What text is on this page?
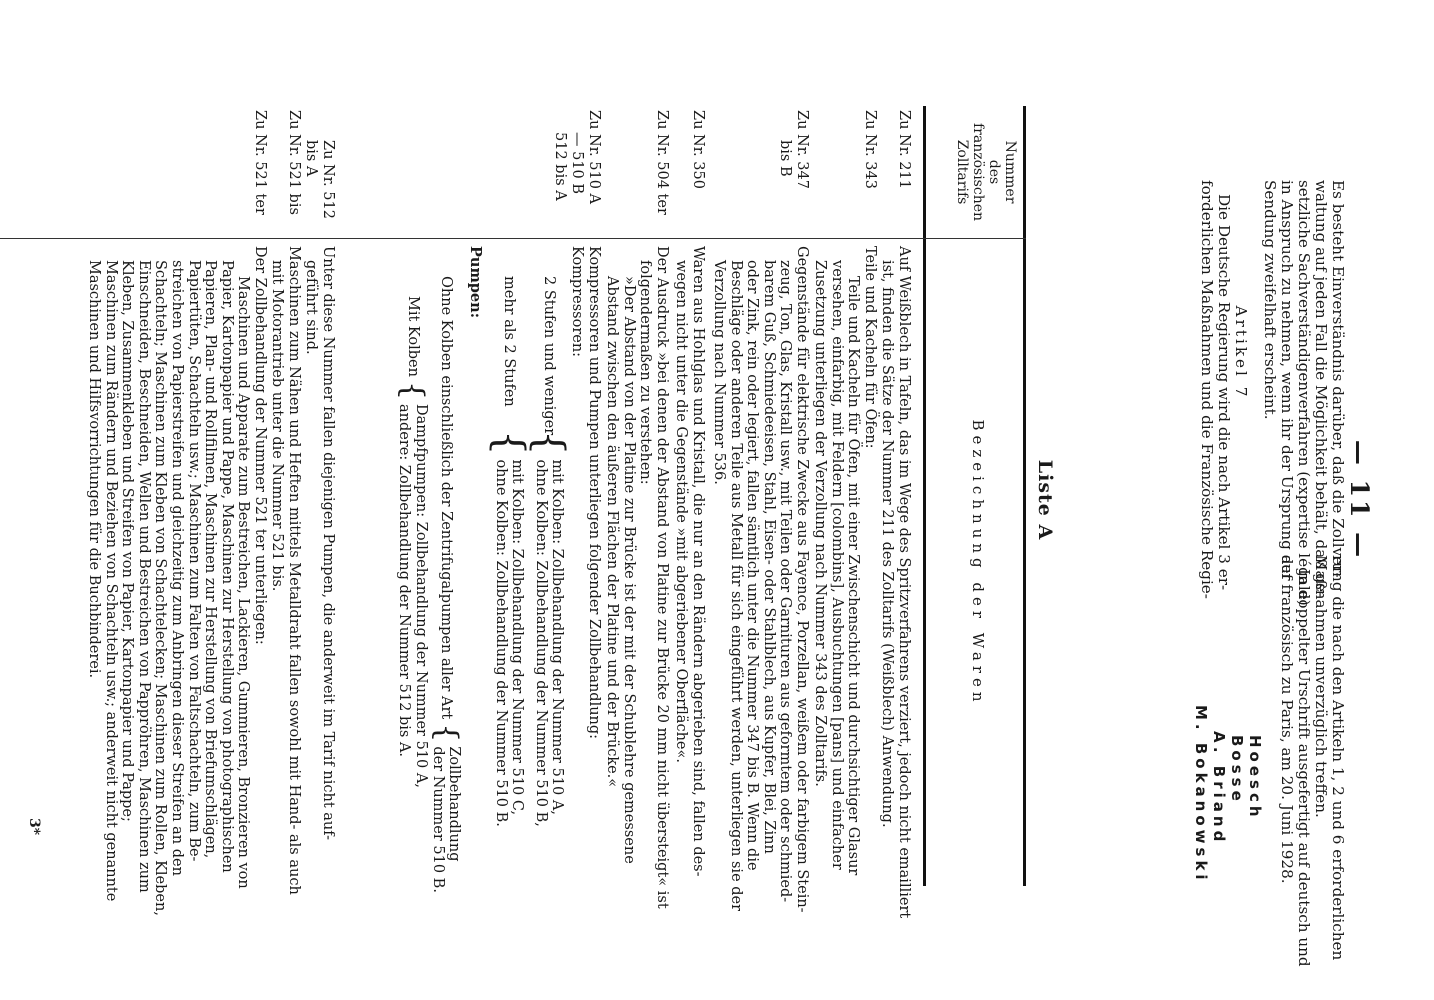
— 11 —
Es besteht Einverständnis darüber, daß die Zollver-
waltung auf jeden Fall die Möglichkeit behält, daß ge-
setzliche Sachverständigenverfahren (expertise légale)
in Anspruch zu nehmen, wenn ihr der Ursprung der
Sendung zweifelhaft erscheint.
Artikel 7
Die Deutsche Regierung wird die nach Artikel 3 er-
forderlichen Maßnahmen und die Französische Regie-
rung die nach den Artikeln 1, 2 und 6 erforderlichen
Maßnahmen unverzüglich treffen.
In doppelter Urschrift ausgefertigt auf deutsch und
auf französisch zu Paris, am 20. Juni 1928.
Hoesch
Bosse
A. Briand
M. Bokanowski
Liste A
Nummer
des
französischen
Zolltarifs
Bezeichnung der Waren
Zu Nr. 211
Auf Weißblech in Tafeln, das im Wege des Spritzverfahrens verziert, jedoch nicht emailliert
ist, finden die Sätze der Nummer 211 des Zolltarifs (Weißblech) Anwendung.
Zu Nr. 343
Teile und Kacheln für Öfen:
Teile und Kacheln für Öfen, mit einer Zwischenschicht und durchsichtiger Glasur
versehen, einfarbig, mit Feldern [colombins], Ausbuchtungen [pans] und einfacher
Zusetzung unterliegen der Verzollung nach Nummer 343 des Zolltarifs.
Zu Nr. 347
bis B
Gegenstände für elektrische Zwecke aus Fayence, Porzellan, weißem oder farbigem Stein-
zeug, Ton, Glas, Kristall usw., mit Teilen oder Garnituren aus geformtem oder schmied-
barem Guß, Schmiedeeisen, Stahl, Eisen- oder Stahlblech, aus Kupfer, Blei, Zinn
oder Zink, rein oder legiert, fallen sämtlich unter die Nummer 347 bis B. Wenn die
Beschläge oder anderen Teile aus Metall für sich eingeführt werden, unterliegen sie der
Verzollung nach Nummer 536.
Zu Nr. 350
Waren aus Hohlglas und Kristall, die nur an den Rändern abgerieben sind, fallen des-
wegen nicht unter die Gegenstände »mit abgeriebener Oberfläche«.
Zu Nr. 504 ter
Der Ausdruck »bei denen der Abstand von Platine zur Brücke 20 mm nicht übersteigt« ist
folgendermaßen zu verstehen:
»Der Abstand von der Platine zur Brücke ist der mit der Schublehre gemessene
Abstand zwischen den äußeren Flächen der Platine und der Brücke.«
Zu Nr. 510 A
— 510 B
512 bis A
Kompressoren und Pumpen unterliegen folgender Zollbehandlung:
Kompressoren:
2 Stufen und weniger
{
mit Kolben: Zollbehandlung der Nummer 510 A,
ohne Kolben: Zollbehandlung der Nummer 510 B,
mehr als 2 Stufen
{
mit Kolben: Zollbehandlung der Nummer 510 C,
ohne Kolben: Zollbehandlung der Nummer 510 B.
Pumpen:
Ohne Kolben einschließlich der Zentrifugalpumpen aller Art
{
Zollbehandlung
der Nummer 510 B.
Mit Kolben
{
Dampfpumpen: Zollbehandlung der Nummer 510 A,
andere: Zollbehandlung der Nummer 512 bis A.
Zu Nr. 512
bis A
Unter diese Nummer fallen diejenigen Pumpen, die anderweit im Tarif nicht auf-
geführt sind.
Zu Nr. 521 bis
Maschinen zum Nähen und Heften mittels Metalldraht fallen sowohl mit Hand- als auch
mit Motorantrieb unter die Nummer 521 bis.
Zu Nr. 521 ter
Der Zollbehandlung der Nummer 521 ter unterliegen:
Maschinen und Apparate zum Bestreichen, Lackieren, Gummieren, Bronzieren von
Papier, Kartonpapier und Pappe, Maschinen zur Herstellung von photographischen
Papieren, Plan- und Rollfilmen, Maschinen zur Herstellung von Briefumschlägen,
Papiertüten, Schachteln usw.; Maschinen zum Falten von Faltschachteln, zum Be-
streichen von Papierstreifen und gleichzeitig zum Anbringen dieser Streifen an den
Schachteln; Maschinen zum Kleben von Schachtelecken; Maschinen zum Rollen, Kleben,
Einschneiden, Beschneiden, Wellen und Bestreichen von Pappröhren, Maschinen zum
Kleben, Zusammenkleben und Streifen von Papier, Kartonpapier und Pappe;
Maschinen zum Rändern und Beziehen von Schachteln usw.; anderweit nicht genannte
Maschinen und Hilfsvorrichtungen für die Buchbinderei.
3*
